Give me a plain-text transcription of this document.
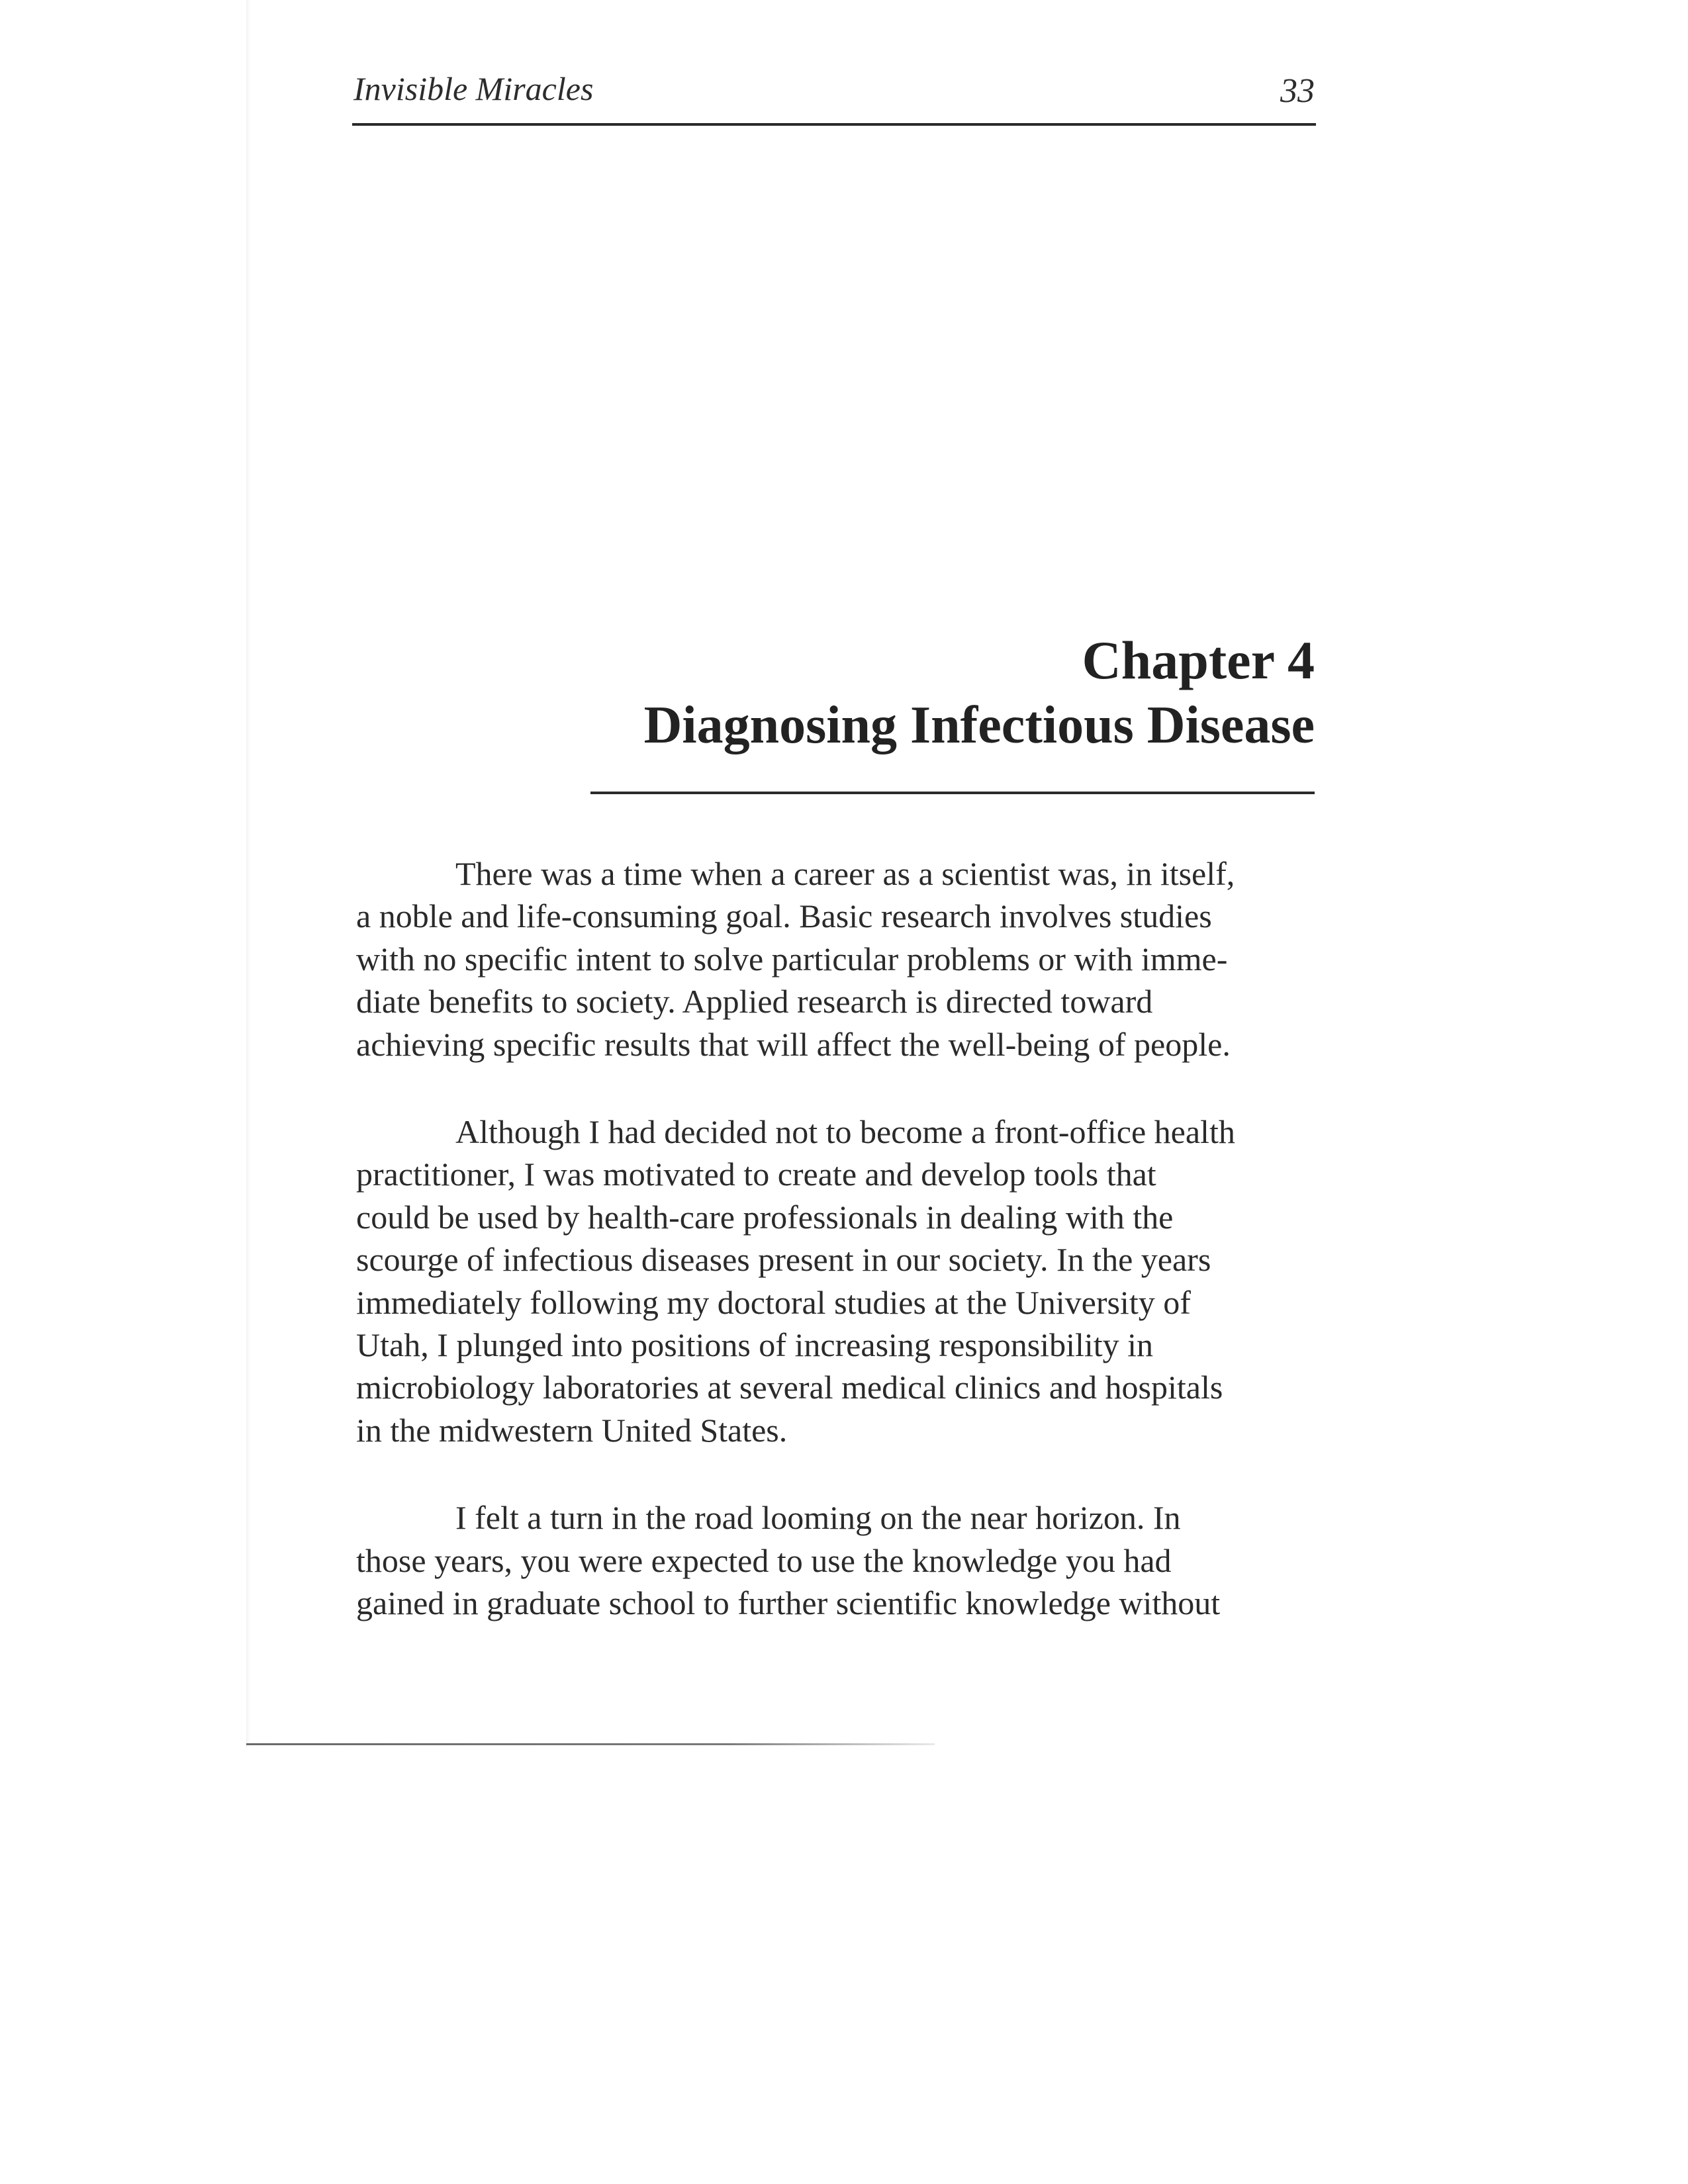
Invisible Miracles	33
Chapter 4
Diagnosing Infectious Disease
There was a time when a career as a scientist was, in itself,
a noble and life-consuming goal. Basic research involves studies
with no specific intent to solve particular problems or with imme-
diate benefits to society. Applied research is directed toward
achieving specific results that will affect the well-being of people.
Although I had decided not to become a front-office health
practitioner, I was motivated to create and develop tools that
could be used by health-care professionals in dealing with the
scourge of infectious diseases present in our society. In the years
immediately following my doctoral studies at the University of
Utah, I plunged into positions of increasing responsibility in
microbiology laboratories at several medical clinics and hospitals
in the midwestern United States.
I felt a turn in the road looming on the near horizon. In
those years, you were expected to use the knowledge you had
gained in graduate school to further scientific knowledge without
